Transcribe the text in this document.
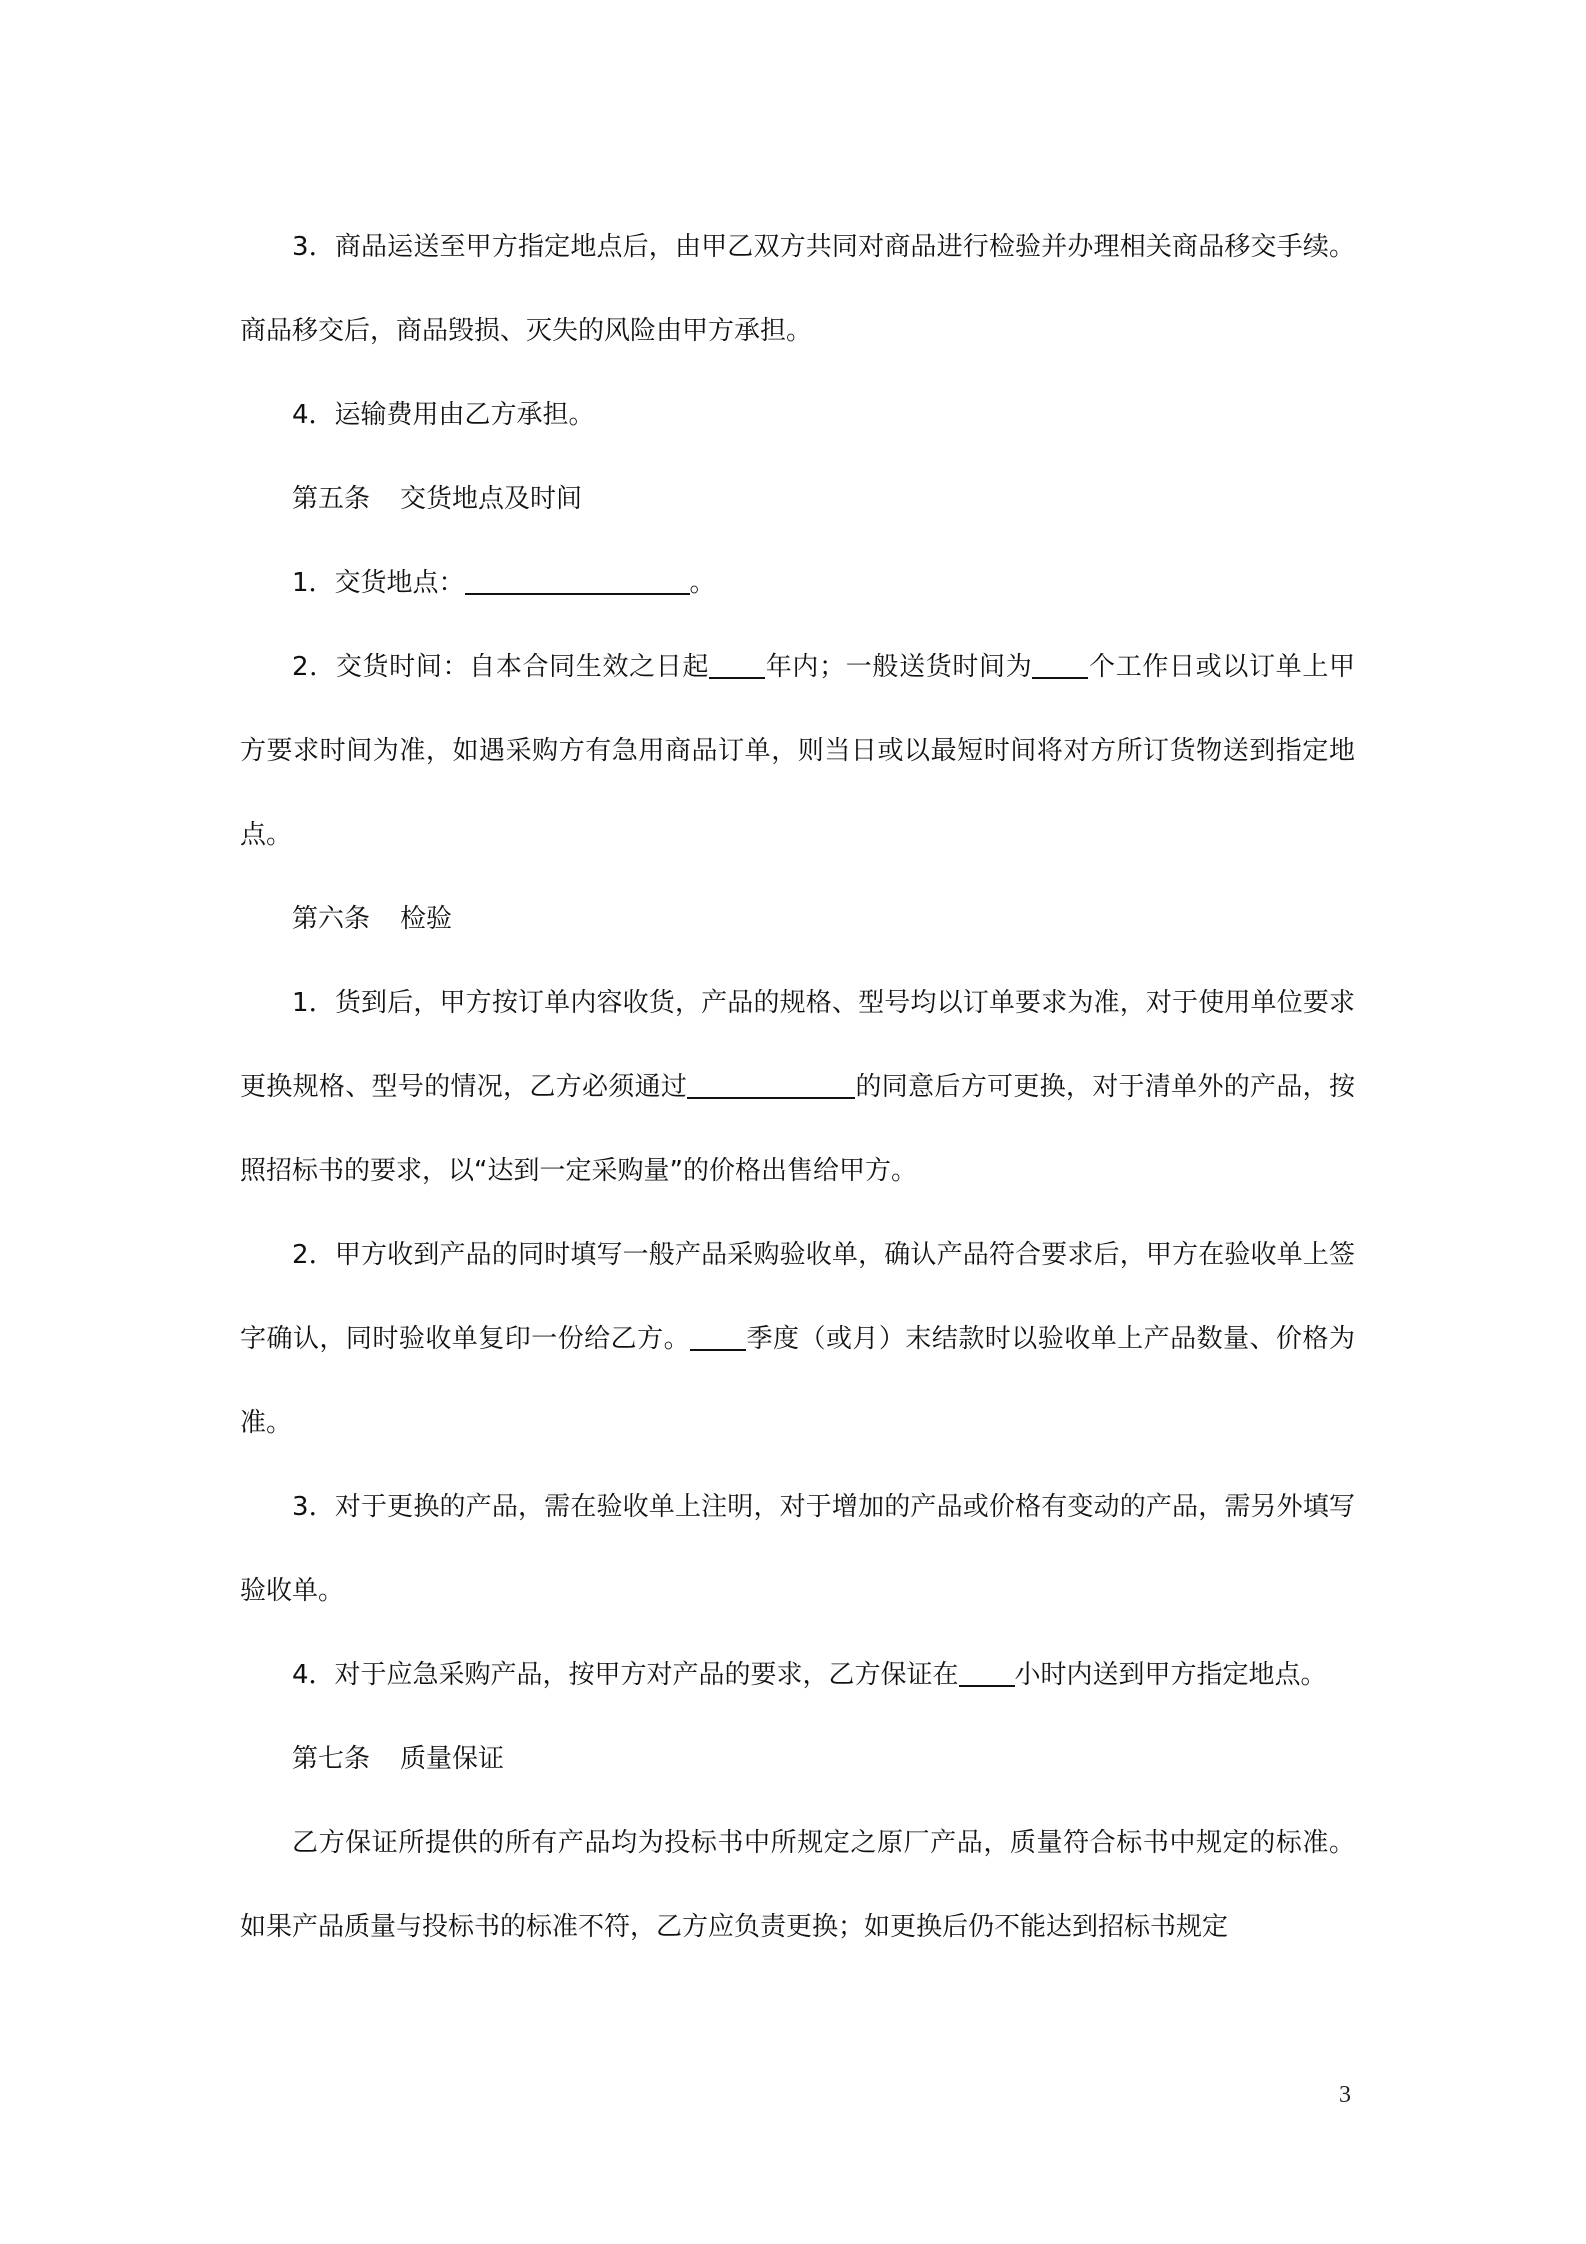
3．商品运送至甲方指定地点后，由甲乙双方共同对商品进行检验并办理相关商品移交手续。商品移交后，商品毁损、灭失的风险由甲方承担。

4．运输费用由乙方承担。

第五条 交货地点及时间

1．交货地点：	。

2．交货时间：自本合同生效之日起 年内；一般送货时间为 个工作日或以订单上甲方要求时间为准，如遇采购方有急用商品订单，则当日或以最短时间将对方所订货物送到指定地点。

第六条 检验

1．货到后，甲方按订单内容收货，产品的规格、型号均以订单要求为准，对于使用单位要求更换规格、型号的情况，乙方必须通过	的同意后方可更换，对于清单外的产品，按照招标书的要求，以“达到一定采购量”的价格出售给甲方。

2．甲方收到产品的同时填写一般产品采购验收单，确认产品符合要求后，甲方在验收单上签字确认，同时验收单复印一份给乙方。 季度（或月）末结款时以验收单上产品数量、价格为准。

3．对于更换的产品，需在验收单上注明，对于增加的产品或价格有变动的产品，需另外填写验收单。

4．对于应急采购产品，按甲方对产品的要求，乙方保证在 小时内送到甲方指定地点。

第七条 质量保证

乙方保证所提供的所有产品均为投标书中所规定之原厂产品，质量符合标书中规定的标准。如果产品质量与投标书的标准不符，乙方应负责更换；如更换后仍不能达到招标书规定

3
